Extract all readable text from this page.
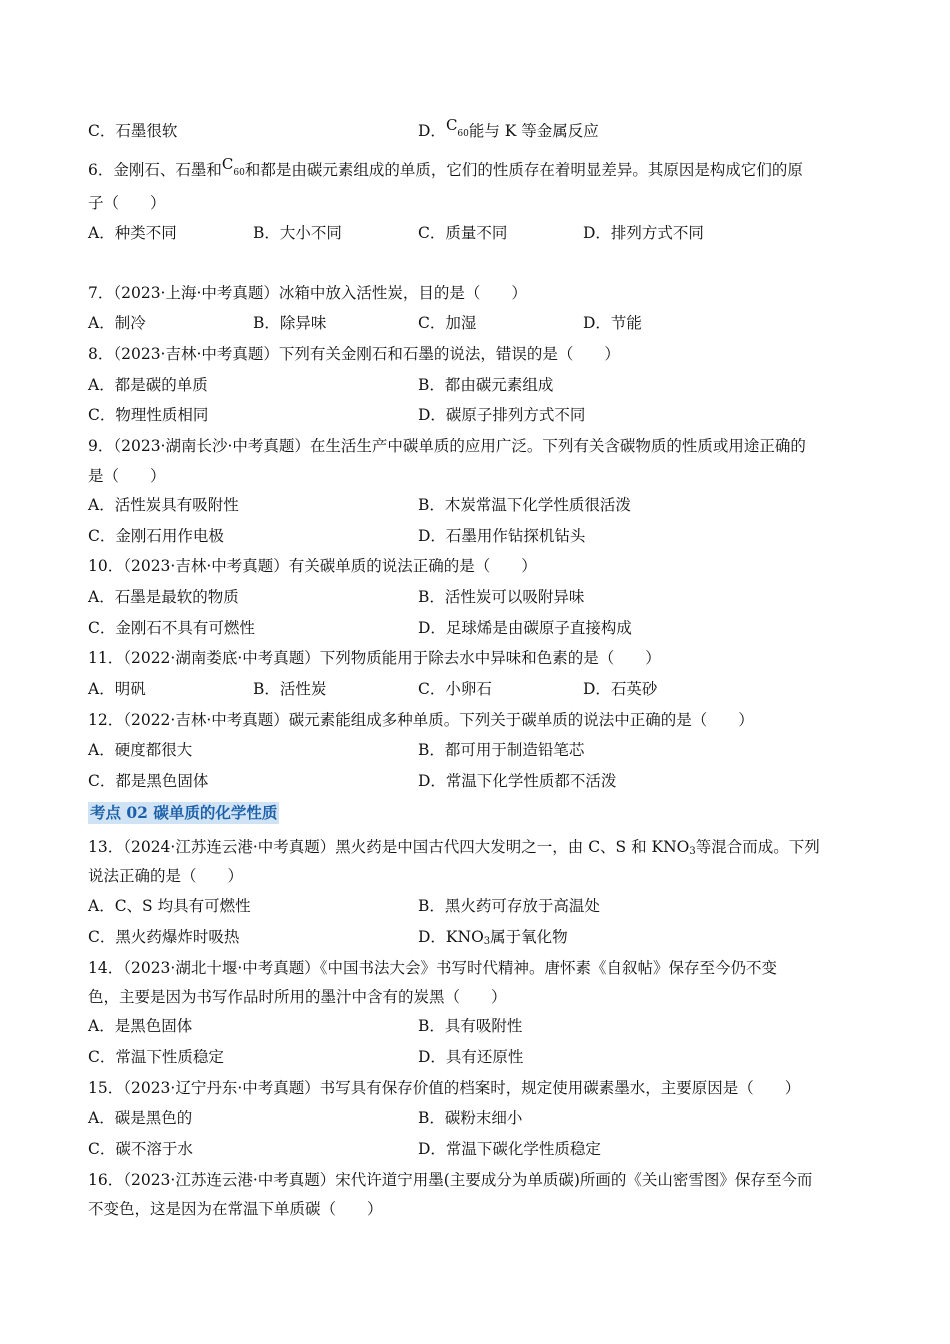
C．石墨很软	D．C60能与 K 等金属反应
6．金刚石、石墨和C60和都是由碳元素组成的单质，它们的性质存在着明显差异。其原因是构成它们的原
子（　　）
A．种类不同	B．大小不同	C．质量不同	D．排列方式不同
7．（2023·上海·中考真题）冰箱中放入活性炭，目的是（　　）
A．制冷	B．除异味	C．加湿	D．节能
8．（2023·吉林·中考真题）下列有关金刚石和石墨的说法，错误的是（　　）
A．都是碳的单质	B．都由碳元素组成
C．物理性质相同	D．碳原子排列方式不同
9．（2023·湖南长沙·中考真题）在生活生产中碳单质的应用广泛。下列有关含碳物质的性质或用途正确的
是（　　）
A．活性炭具有吸附性	B．木炭常温下化学性质很活泼
C．金刚石用作电极	D．石墨用作钻探机钻头
10．（2023·吉林·中考真题）有关碳单质的说法正确的是（　　）
A．石墨是最软的物质	B．活性炭可以吸附异味
C．金刚石不具有可燃性	D．足球烯是由碳原子直接构成
11．（2022·湖南娄底·中考真题）下列物质能用于除去水中异味和色素的是（　　）
A．明矾	B．活性炭	C．小卵石	D．石英砂
12．（2022·吉林·中考真题）碳元素能组成多种单质。下列关于碳单质的说法中正确的是（　　）
A．硬度都很大	B．都可用于制造铅笔芯
C．都是黑色固体	D．常温下化学性质都不活泼
考点 02 碳单质的化学性质
13．（2024·江苏连云港·中考真题）黑火药是中国古代四大发明之一，由 C、S 和 $KNO_3$等混合而成。下列
说法正确的是（　　）
A．C、S 均具有可燃性	B．黑火药可存放于高温处
C．黑火药爆炸时吸热	D．$KNO_3$属于氧化物
14．（2023·湖北十堰·中考真题）《中国书法大会》书写时代精神。唐怀素《自叙帖》保存至今仍不变
色，主要是因为书写作品时所用的墨汁中含有的炭黑（　　）
A．是黑色固体	B．具有吸附性
C．常温下性质稳定	D．具有还原性
15．（2023·辽宁丹东·中考真题）书写具有保存价值的档案时，规定使用碳素墨水，主要原因是（　　）
A．碳是黑色的	B．碳粉末细小
C．碳不溶于水	D．常温下碳化学性质稳定
16．（2023·江苏连云港·中考真题）宋代许道宁用墨(主要成分为单质碳)所画的《关山密雪图》保存至今而
不变色，这是因为在常温下单质碳（　　）
